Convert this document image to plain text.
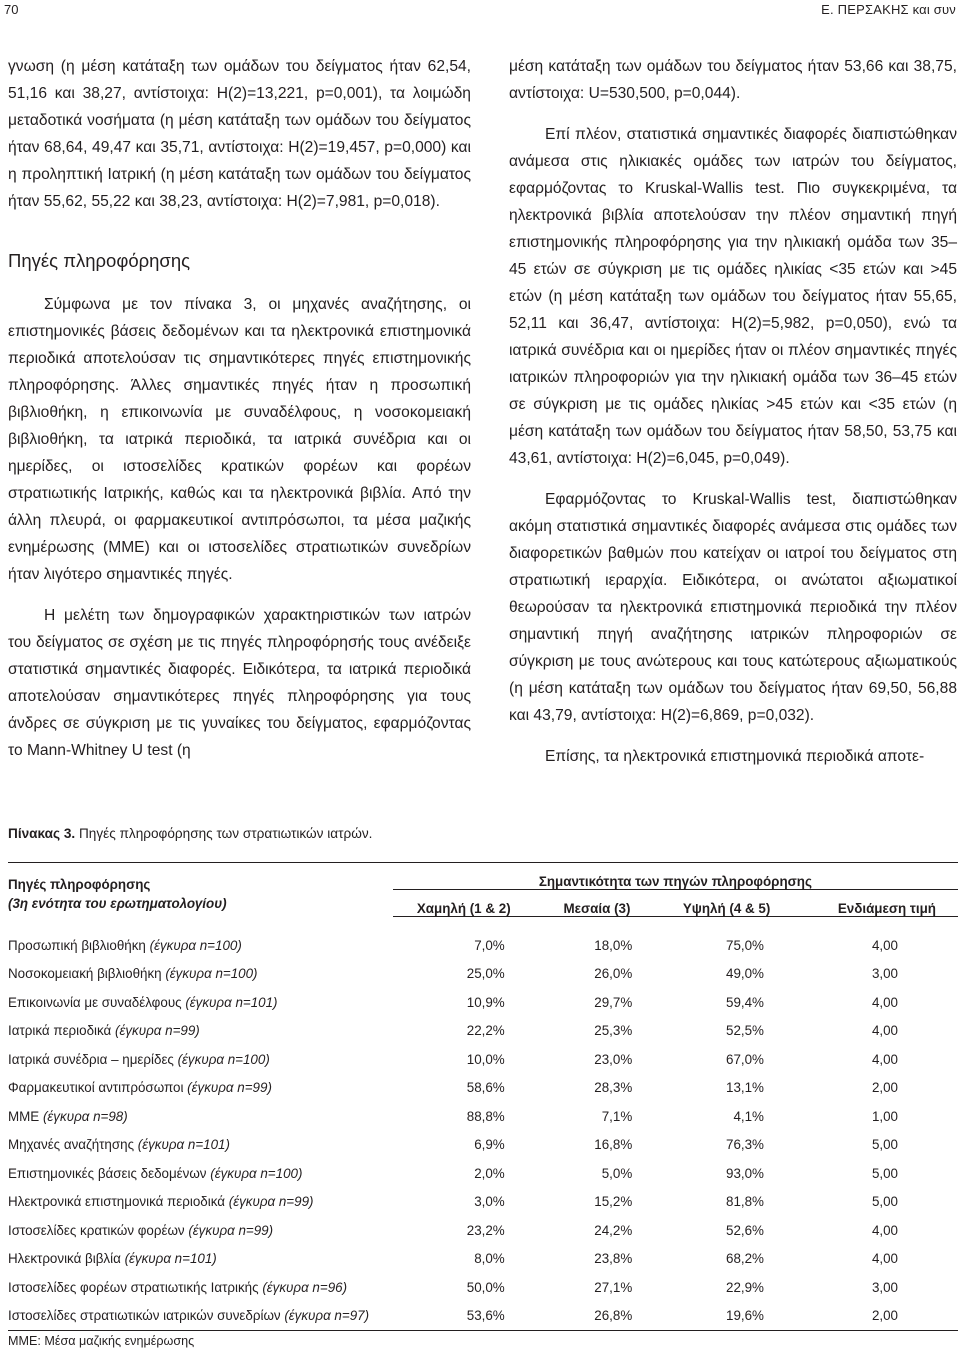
70	Ε. ΠΕΡΣΑΚΗΣ και συν

γνωση (η μέση κατάταξη των ομάδων του δείγματος ήταν 62,54, 51,16 και 38,27, αντίστοιχα: H(2)=13,221, p=0,001), τα λοιμώδη μεταδοτικά νοσήματα (η μέση κατάταξη των ομάδων του δείγματος ήταν 68,64, 49,47 και 35,71, αντίστοιχα: H(2)=19,457, p=0,000) και η προληπτική Ιατρική (η μέση κατάταξη των ομάδων του δείγματος ήταν 55,62, 55,22 και 38,23, αντίστοιχα: H(2)=7,981, p=0,018).

Πηγές πληροφόρησης

Σύμφωνα με τον πίνακα 3, οι μηχανές αναζήτησης, οι επιστημονικές βάσεις δεδομένων και τα ηλεκτρονικά επιστημονικά περιοδικά αποτελούσαν τις σημαντικότερες πηγές επιστημονικής πληροφόρησης. Άλλες σημαντικές πηγές ήταν η προσωπική βιβλιοθήκη, η επικοινωνία με συναδέλφους, η νοσοκομειακή βιβλιοθήκη, τα ιατρικά περιοδικά, τα ιατρικά συνέδρια και οι ημερίδες, οι ιστοσελίδες κρατικών φορέων και φορέων στρατιωτικής Ιατρικής, καθώς και τα ηλεκτρονικά βιβλία. Από την άλλη πλευρά, οι φαρμακευτικοί αντιπρόσωποι, τα μέσα μαζικής ενημέρωσης (ΜΜΕ) και οι ιστοσελίδες στρατιωτικών συνεδρίων ήταν λιγότερο σημαντικές πηγές.

Η μελέτη των δημογραφικών χαρακτηριστικών των ιατρών του δείγματος σε σχέση με τις πηγές πληροφόρησής τους ανέδειξε στατιστικά σημαντικές διαφορές. Ειδικότερα, τα ιατρικά περιοδικά αποτελούσαν σημαντικότερες πηγές πληροφόρησης για τους άνδρες σε σύγκριση με τις γυναίκες του δείγματος, εφαρμόζοντας το Mann-Whitney U test (η

μέση κατάταξη των ομάδων του δείγματος ήταν 53,66 και 38,75, αντίστοιχα: U=530,500, p=0,044).

Επί πλέον, στατιστικά σημαντικές διαφορές διαπιστώθηκαν ανάμεσα στις ηλικιακές ομάδες των ιατρών του δείγματος, εφαρμόζοντας το Kruskal-Wallis test. Πιο συγκεκριμένα, τα ηλεκτρονικά βιβλία αποτελούσαν την πλέον σημαντική πηγή επιστημονικής πληροφόρησης για την ηλικιακή ομάδα των 35–45 ετών σε σύγκριση με τις ομάδες ηλικίας <35 ετών και >45 ετών (η μέση κατάταξη των ομάδων του δείγματος ήταν 55,65, 52,11 και 36,47, αντίστοιχα: H(2)=5,982, p=0,050), ενώ τα ιατρικά συνέδρια και οι ημερίδες ήταν οι πλέον σημαντικές πηγές ιατρικών πληροφοριών για την ηλικιακή ομάδα των 36–45 ετών σε σύγκριση με τις ομάδες ηλικίας >45 ετών και <35 ετών (η μέση κατάταξη των ομάδων του δείγματος ήταν 58,50, 53,75 και 43,61, αντίστοιχα: H(2)=6,045, p=0,049).

Εφαρμόζοντας το Kruskal-Wallis test, διαπιστώθηκαν ακόμη στατιστικά σημαντικές διαφορές ανάμεσα στις ομάδες των διαφορετικών βαθμών που κατείχαν οι ιατροί του δείγματος στη στρατιωτική ιεραρχία. Ειδικότερα, οι ανώτατοι αξιωματικοί θεωρούσαν τα ηλεκτρονικά επιστημονικά περιοδικά την πλέον σημαντική πηγή αναζήτησης ιατρικών πληροφοριών σε σύγκριση με τους ανώτερους και τους κατώτερους αξιωματικούς (η μέση κατάταξη των ομάδων του δείγματος ήταν 69,50, 56,88 και 43,79, αντίστοιχα: H(2)=6,869, p=0,032).

Επίσης, τα ηλεκτρονικά επιστημονικά περιοδικά αποτε-

Πίνακας 3. Πηγές πληροφόρησης των στρατιωτικών ιατρών.
Πηγές πληροφόρησης
(3η ενότητα του ερωτηματολογίου)	Σημαντικότητα των πηγών πληροφόρησης			
	Χαμηλή (1 & 2)	Μεσαία (3)	Υψηλή (4 & 5)	Ενδιάμεση τιμή
Προσωπική βιβλιοθήκη (έγκυρα n=100)	7,0%	18,0%	75,0%	4,00
Νοσοκομειακή βιβλιοθήκη (έγκυρα n=100)	25,0%	26,0%	49,0%	3,00
Επικοινωνία με συναδέλφους (έγκυρα n=101)	10,9%	29,7%	59,4%	4,00
Ιατρικά περιοδικά (έγκυρα n=99)	22,2%	25,3%	52,5%	4,00
Ιατρικά συνέδρια – ημερίδες (έγκυρα n=100)	10,0%	23,0%	67,0%	4,00
Φαρμακευτικοί αντιπρόσωποι (έγκυρα n=99)	58,6%	28,3%	13,1%	2,00
ΜΜΕ (έγκυρα n=98)	88,8%	7,1%	4,1%	1,00
Μηχανές αναζήτησης (έγκυρα n=101)	6,9%	16,8%	76,3%	5,00
Επιστημονικές βάσεις δεδομένων (έγκυρα n=100)	2,0%	5,0%	93,0%	5,00
Ηλεκτρονικά επιστημονικά περιοδικά (έγκυρα n=99)	3,0%	15,2%	81,8%	5,00
Ιστοσελίδες κρατικών φορέων (έγκυρα n=99)	23,2%	24,2%	52,6%	4,00
Ηλεκτρονικά βιβλία (έγκυρα n=101)	8,0%	23,8%	68,2%	4,00
Ιστοσελίδες φορέων στρατιωτικής Ιατρικής (έγκυρα n=96)	50,0%	27,1%	22,9%	3,00
Ιστοσελίδες στρατιωτικών ιατρικών συνεδρίων (έγκυρα n=97)	53,6%	26,8%	19,6%	2,00
ΜΜΕ: Μέσα μαζικής ενημέρωσης
